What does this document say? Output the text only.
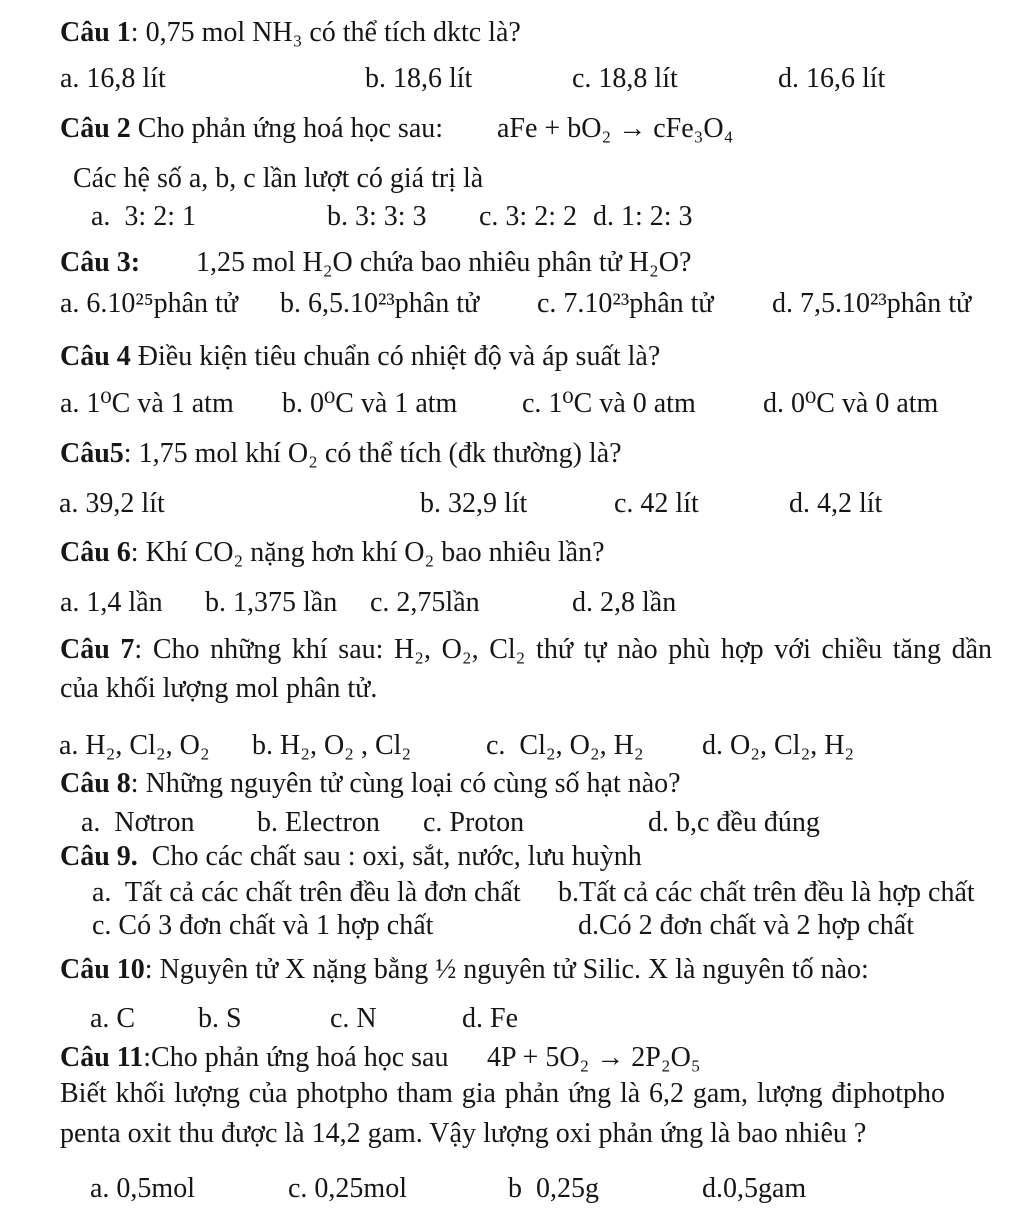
Câu 1: 0,75 mol NH₃ có thể tích dktc là?

a. 16,8 lít

	b. 18,6 lít

	c. 18,8 lít

	d. 16,6 lít

Câu 2 Cho phản ứng hoá học sau: aFe + bO₂ → cFe₃O₄
Các hệ số a, b, c lần lượt có giá trị là

a.  3: 2: 1

	b. 3: 3: 3

c. 3: 2: 2

d. 1: 2: 3

Câu 3: 1,25 mol H₂O chứa bao nhiêu phân tử H₂O?

a. 6.10²⁵phân tử

b. 6,5.10²³phân tử

c. 7.10²³phân tử

d. 7,5.10²³phân tử

Câu 4 Điều kiện tiêu chuẩn có nhiệt độ và áp suất là?

a. 1⁰C và 1 atm

b. 0⁰C và 1 atm

c. 1⁰C và 0 atm

d. 0⁰C và 0 atm

Câu5: 1,75 mol khí O₂ có thể tích (đk thường) là?

a. 39,2 lít

	b. 32,9 lít

	c. 42 lít

	d. 4,2 lít

Câu 6: Khí CO₂ nặng hơn khí O₂ bao nhiêu lần?

a. 1,4 lần

b. 1,375 lần

c. 2,75lần

	d. 2,8 lần

Câu 7: Cho những khí sau: H₂, O₂, Cl₂ thứ tự nào phù hợp với chiều tăng dần
của khối lượng mol phân tử.

a. H₂, Cl₂, O₂

b. H₂, O₂ , Cl₂

	c.  Cl₂, O₂, H₂

d. O₂, Cl₂, H₂

Câu 8: Những nguyên tử cùng loại có cùng số hạt nào?

a.  Nơtron

b. Electron

c. Proton

	d. b,c đều đúng

Câu 9.  Cho các chất sau : oxi, sắt, nước, lưu huỳnh

a.  Tất cả các chất trên đều là đơn chất

b.Tất cả các chất trên đều là hợp chất

c. Có 3 đơn chất và 1 hợp chất

	d.Có 2 đơn chất và 2 hợp chất

Câu 10: Nguyên tử X nặng bằng ½ nguyên tử Silic. X là nguyên tố nào:

a. C

b. S

	c. N

	d. Fe

Câu 11:Cho phản ứng hoá học sau 4P + 5O₂ → 2P₂O₅
Biết khối lượng của photpho tham gia phản ứng là 6,2 gam, lượng điphotpho
penta oxit thu được là 14,2 gam. Vậy lượng oxi phản ứng là bao nhiêu ?

a. 0,5mol

	c. 0,25mol

	b  0,25g

	d.0,5gam
